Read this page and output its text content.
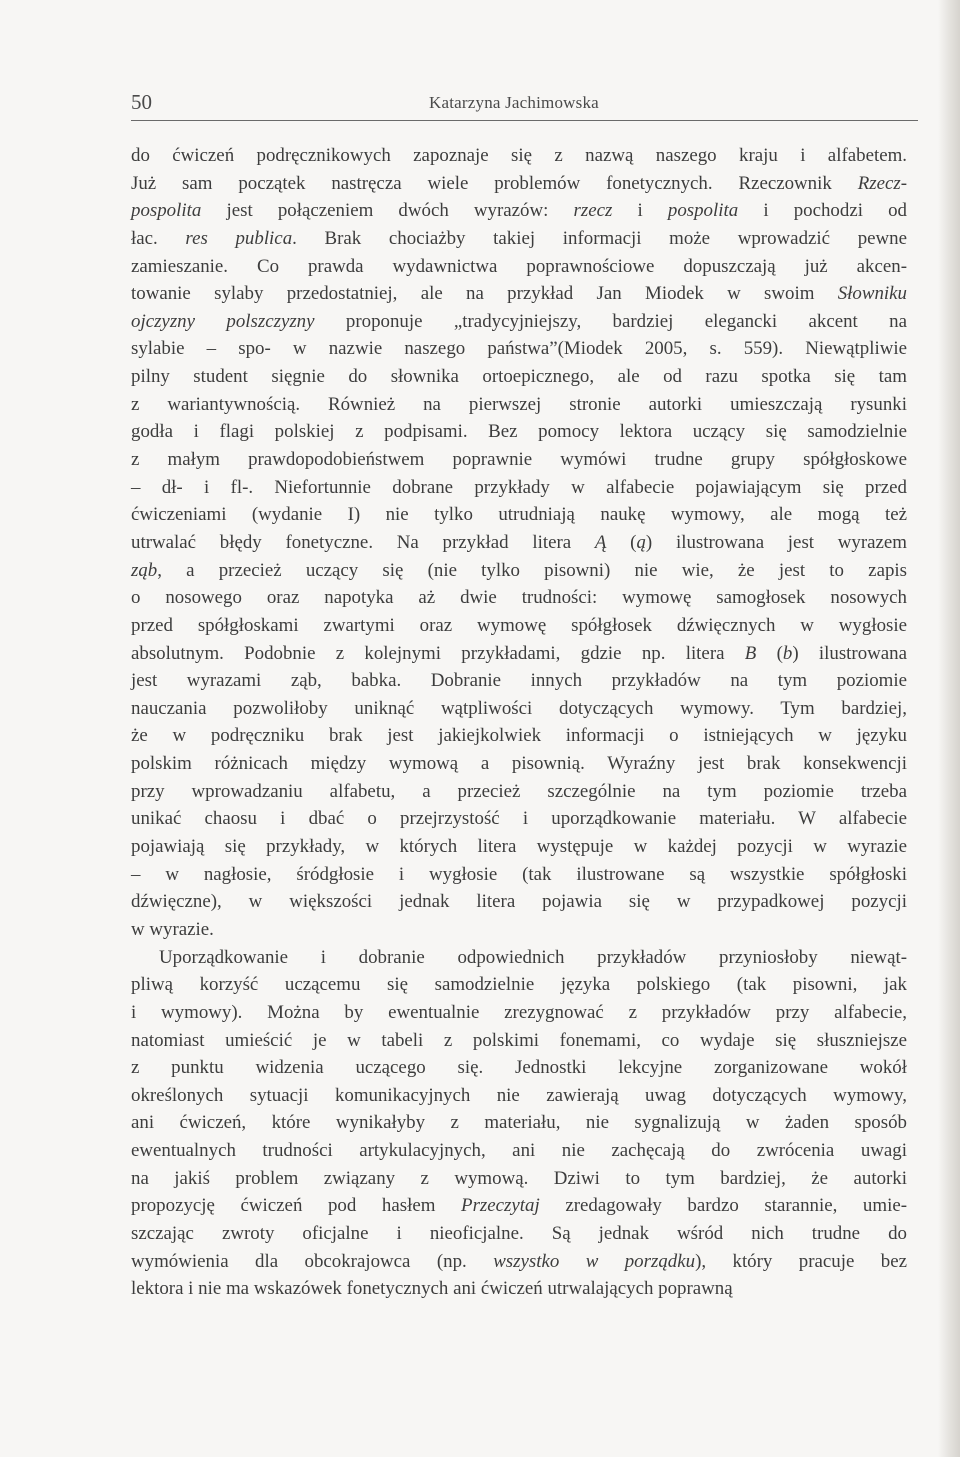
50	Katarzyna Jachimowska
do ćwiczeń podręcznikowych zapoznaje się z nazwą naszego kraju i alfabetem.
Już sam początek nastręcza wiele problemów fonetycznych. Rzeczownik Rzecz-
pospolita jest połączeniem dwóch wyrazów: rzecz i pospolita i pochodzi od
łac. res publica. Brak chociażby takiej informacji może wprowadzić pewne
zamieszanie. Co prawda wydawnictwa poprawnościowe dopuszczają już akcen-
towanie sylaby przedostatniej, ale na przykład Jan Miodek w swoim Słowniku
ojczyzny polszczyzny proponuje „tradycyjniejszy, bardziej elegancki akcent na
sylabie – spo- w nazwie naszego państwa”(Miodek 2005, s. 559). Niewątpliwie
pilny student sięgnie do słownika ortoepicznego, ale od razu spotka się tam
z wariantywnością. Również na pierwszej stronie autorki umieszczają rysunki
godła i flagi polskiej z podpisami. Bez pomocy lektora uczący się samodzielnie
z małym prawdopodobieństwem poprawnie wymówi trudne grupy spółgłoskowe
– dł- i fl-. Niefortunnie dobrane przykłady w alfabecie pojawiającym się przed
ćwiczeniami (wydanie I) nie tylko utrudniają naukę wymowy, ale mogą też
utrwalać błędy fonetyczne. Na przykład litera Ą (ą) ilustrowana jest wyrazem
ząb, a przecież uczący się (nie tylko pisowni) nie wie, że jest to zapis
o nosowego oraz napotyka aż dwie trudności: wymowę samogłosek nosowych
przed spółgłoskami zwartymi oraz wymowę spółgłosek dźwięcznych w wygłosie
absolutnym. Podobnie z kolejnymi przykładami, gdzie np. litera B (b) ilustrowana
jest wyrazami ząb, babka. Dobranie innych przykładów na tym poziomie
nauczania pozwoliłoby uniknąć wątpliwości dotyczących wymowy. Tym bardziej,
że w podręczniku brak jest jakiejkolwiek informacji o istniejących w języku
polskim różnicach między wymową a pisownią. Wyraźny jest brak konsekwencji
przy wprowadzaniu alfabetu, a przecież szczególnie na tym poziomie trzeba
unikać chaosu i dbać o przejrzystość i uporządkowanie materiału. W alfabecie
pojawiają się przykłady, w których litera występuje w każdej pozycji w wyrazie
– w nagłosie, śródgłosie i wygłosie (tak ilustrowane są wszystkie spółgłoski
dźwięczne), w większości jednak litera pojawia się w przypadkowej pozycji
w wyrazie.
Uporządkowanie i dobranie odpowiednich przykładów przyniosłoby niewąt-
pliwą korzyść uczącemu się samodzielnie języka polskiego (tak pisowni, jak
i wymowy). Można by ewentualnie zrezygnować z przykładów przy alfabecie,
natomiast umieścić je w tabeli z polskimi fonemami, co wydaje się słuszniejsze
z punktu widzenia uczącego się. Jednostki lekcyjne zorganizowane wokół
określonych sytuacji komunikacyjnych nie zawierają uwag dotyczących wymowy,
ani ćwiczeń, które wynikałyby z materiału, nie sygnalizują w żaden sposób
ewentualnych trudności artykulacyjnych, ani nie zachęcają do zwrócenia uwagi
na jakiś problem związany z wymową. Dziwi to tym bardziej, że autorki
propozycję ćwiczeń pod hasłem Przeczytaj zredagowały bardzo starannie, umie-
szczając zwroty oficjalne i nieoficjalne. Są jednak wśród nich trudne do
wymówienia dla obcokrajowca (np. wszystko w porządku), który pracuje bez
lektora i nie ma wskazówek fonetycznych ani ćwiczeń utrwalających poprawną
